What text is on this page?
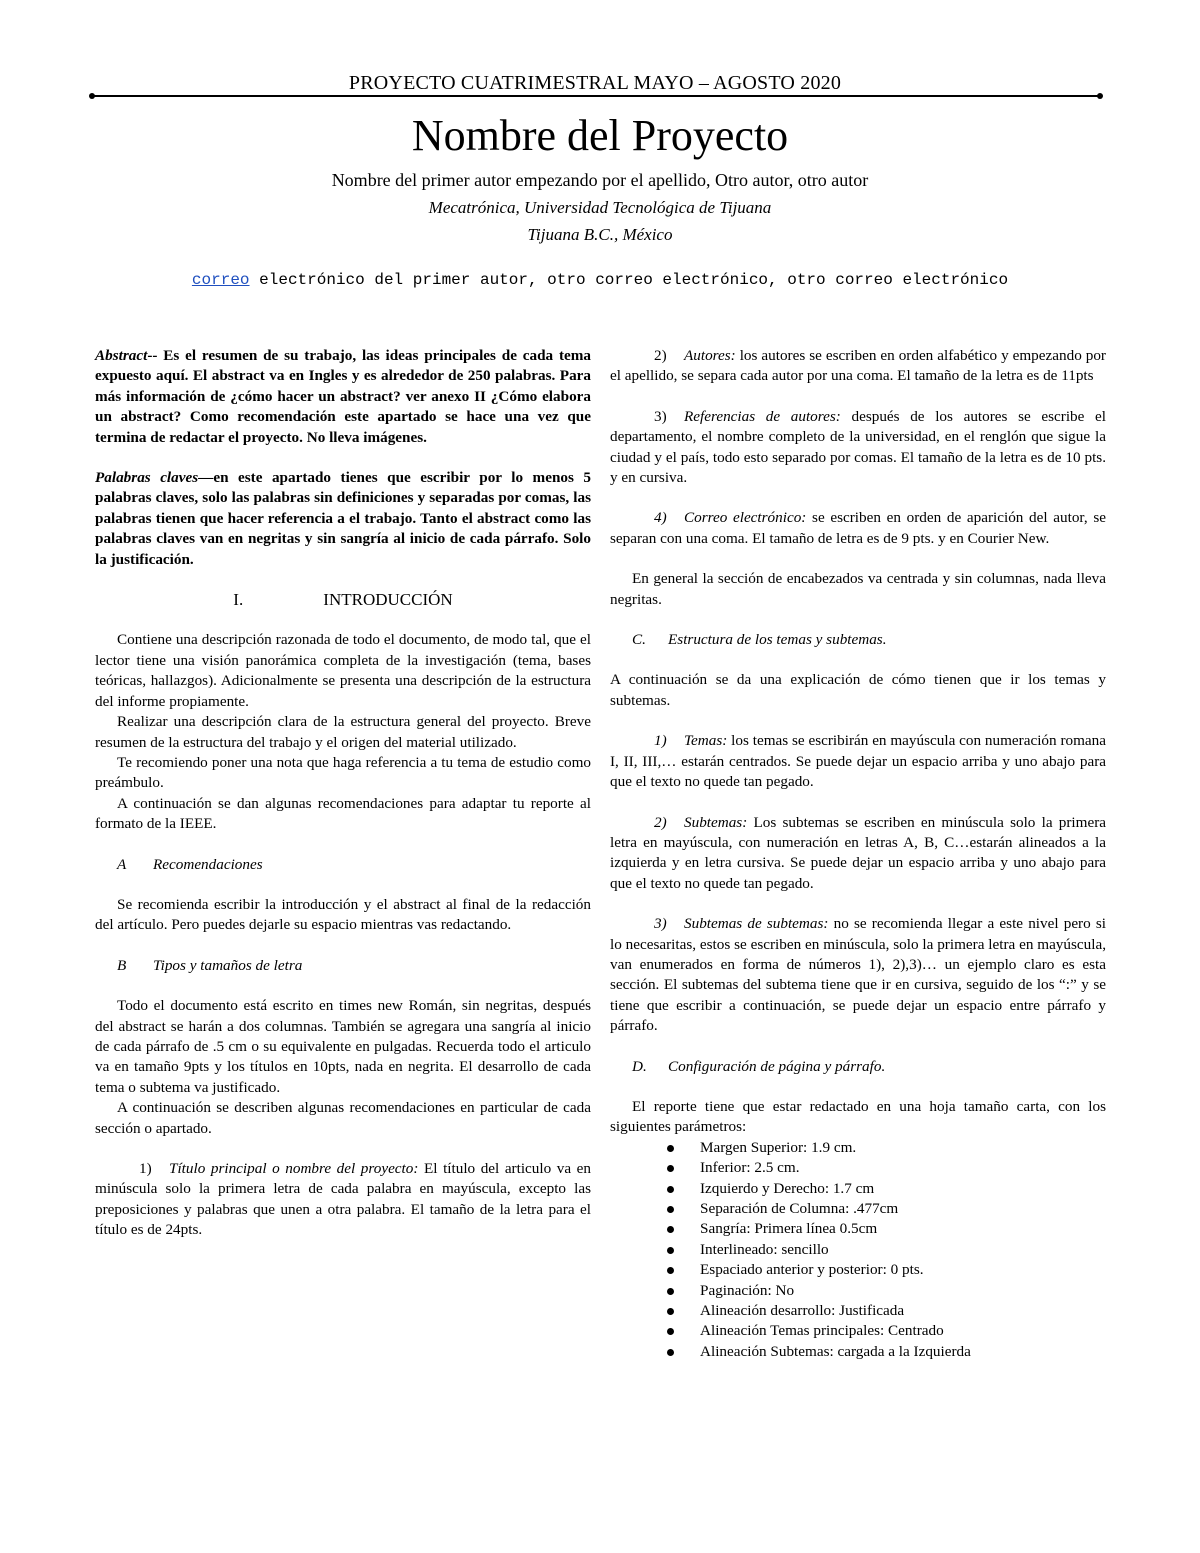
PROYECTO CUATRIMESTRAL MAYO – AGOSTO 2020
Nombre del Proyecto
Nombre del primer autor empezando por el apellido, Otro autor, otro autor
Mecatrónica, Universidad Tecnológica de Tijuana
Tijuana B.C., México
correo electrónico del primer autor, otro correo electrónico, otro correo electrónico

Abstract-- Es el resumen de su trabajo, las ideas principales de cada tema expuesto aquí. El abstract va en Ingles y es alrededor de 250 palabras. Para más información de ¿cómo hacer un abstract? ver anexo II ¿Cómo elabora un abstract? Como recomendación este apartado se hace una vez que termina de redactar el proyecto. No lleva imágenes.

Palabras claves—en este apartado tienes que escribir por lo menos 5 palabras claves, solo las palabras sin definiciones y separadas por comas, las palabras tienen que hacer referencia a el trabajo. Tanto el abstract como las palabras claves van en negritas y sin sangría al inicio de cada párrafo. Solo la justificación.

I.	INTRODUCCIÓN

Contiene una descripción razonada de todo el documento, de modo tal, que el lector tiene una visión panorámica completa de la investigación (tema, bases teóricas, hallazgos). Adicionalmente se presenta una descripción de la estructura del informe propiamente.

Realizar una descripción clara de la estructura general del proyecto. Breve resumen de la estructura del trabajo y el origen del material utilizado.

Te recomiendo poner una nota que haga referencia a tu tema de estudio como preámbulo.

A continuación se dan algunas recomendaciones para adaptar tu reporte al formato de la IEEE.

A Recomendaciones

Se recomienda escribir la introducción y el abstract al final de la redacción del artículo. Pero puedes dejarle su espacio mientras vas redactando.

B Tipos y tamaños de letra

Todo el documento está escrito en times new Román, sin negritas, después del abstract se harán a dos columnas. También se agregara una sangría al inicio de cada párrafo de .5 cm o su equivalente en pulgadas. Recuerda todo el articulo va en tamaño 9pts y los títulos en 10pts, nada en negrita. El desarrollo de cada tema o subtema va justificado.

A continuación se describen algunas recomendaciones en particular de cada sección o apartado.

1) Título principal o nombre del proyecto: El título del articulo va en minúscula solo la primera letra de cada palabra en mayúscula, excepto las preposiciones y palabras que unen a otra palabra. El tamaño de la letra para el título es de 24pts.

2) Autores: los autores se escriben en orden alfabético y empezando por el apellido, se separa cada autor por una coma. El tamaño de la letra es de 11pts

3) Referencias de autores: después de los autores se escribe el departamento, el nombre completo de la universidad, en el renglón que sigue la ciudad y el país, todo esto separado por comas. El tamaño de la letra es de 10 pts. y en cursiva.

4) Correo electrónico: se escriben en orden de aparición del autor, se separan con una coma. El tamaño de letra es de 9 pts. y en Courier New.

En general la sección de encabezados va centrada y sin columnas, nada lleva negritas.

C. Estructura de los temas y subtemas.

A continuación se da una explicación de cómo tienen que ir los temas y subtemas.

1) Temas: los temas se escribirán en mayúscula con numeración romana I, II, III,… estarán centrados. Se puede dejar un espacio arriba y uno abajo para que el texto no quede tan pegado.

2) Subtemas: Los subtemas se escriben en minúscula solo la primera letra en mayúscula, con numeración en letras A, B, C…estarán alineados a la izquierda y en letra cursiva. Se puede dejar un espacio arriba y uno abajo para que el texto no quede tan pegado.

3) Subtemas de subtemas: no se recomienda llegar a este nivel pero si lo necesaritas, estos se escriben en minúscula, solo la primera letra en mayúscula, van enumerados en forma de números 1), 2),3)… un ejemplo claro es esta sección. El subtemas del subtema tiene que ir en cursiva, seguido de los “:” y se tiene que escribir a continuación, se puede dejar un espacio entre párrafo y párrafo.

D. Configuración de página y párrafo.

El reporte tiene que estar redactado en una hoja tamaño carta, con los siguientes parámetros:

Margen Superior: 1.9 cm.
Inferior: 2.5 cm.
Izquierdo y Derecho: 1.7 cm
Separación de Columna: .477cm
Sangría: Primera línea 0.5cm
Interlineado: sencillo
Espaciado anterior y posterior: 0 pts.
Paginación: No
Alineación desarrollo: Justificada
Alineación Temas principales: Centrado
Alineación Subtemas: cargada a la Izquierda
